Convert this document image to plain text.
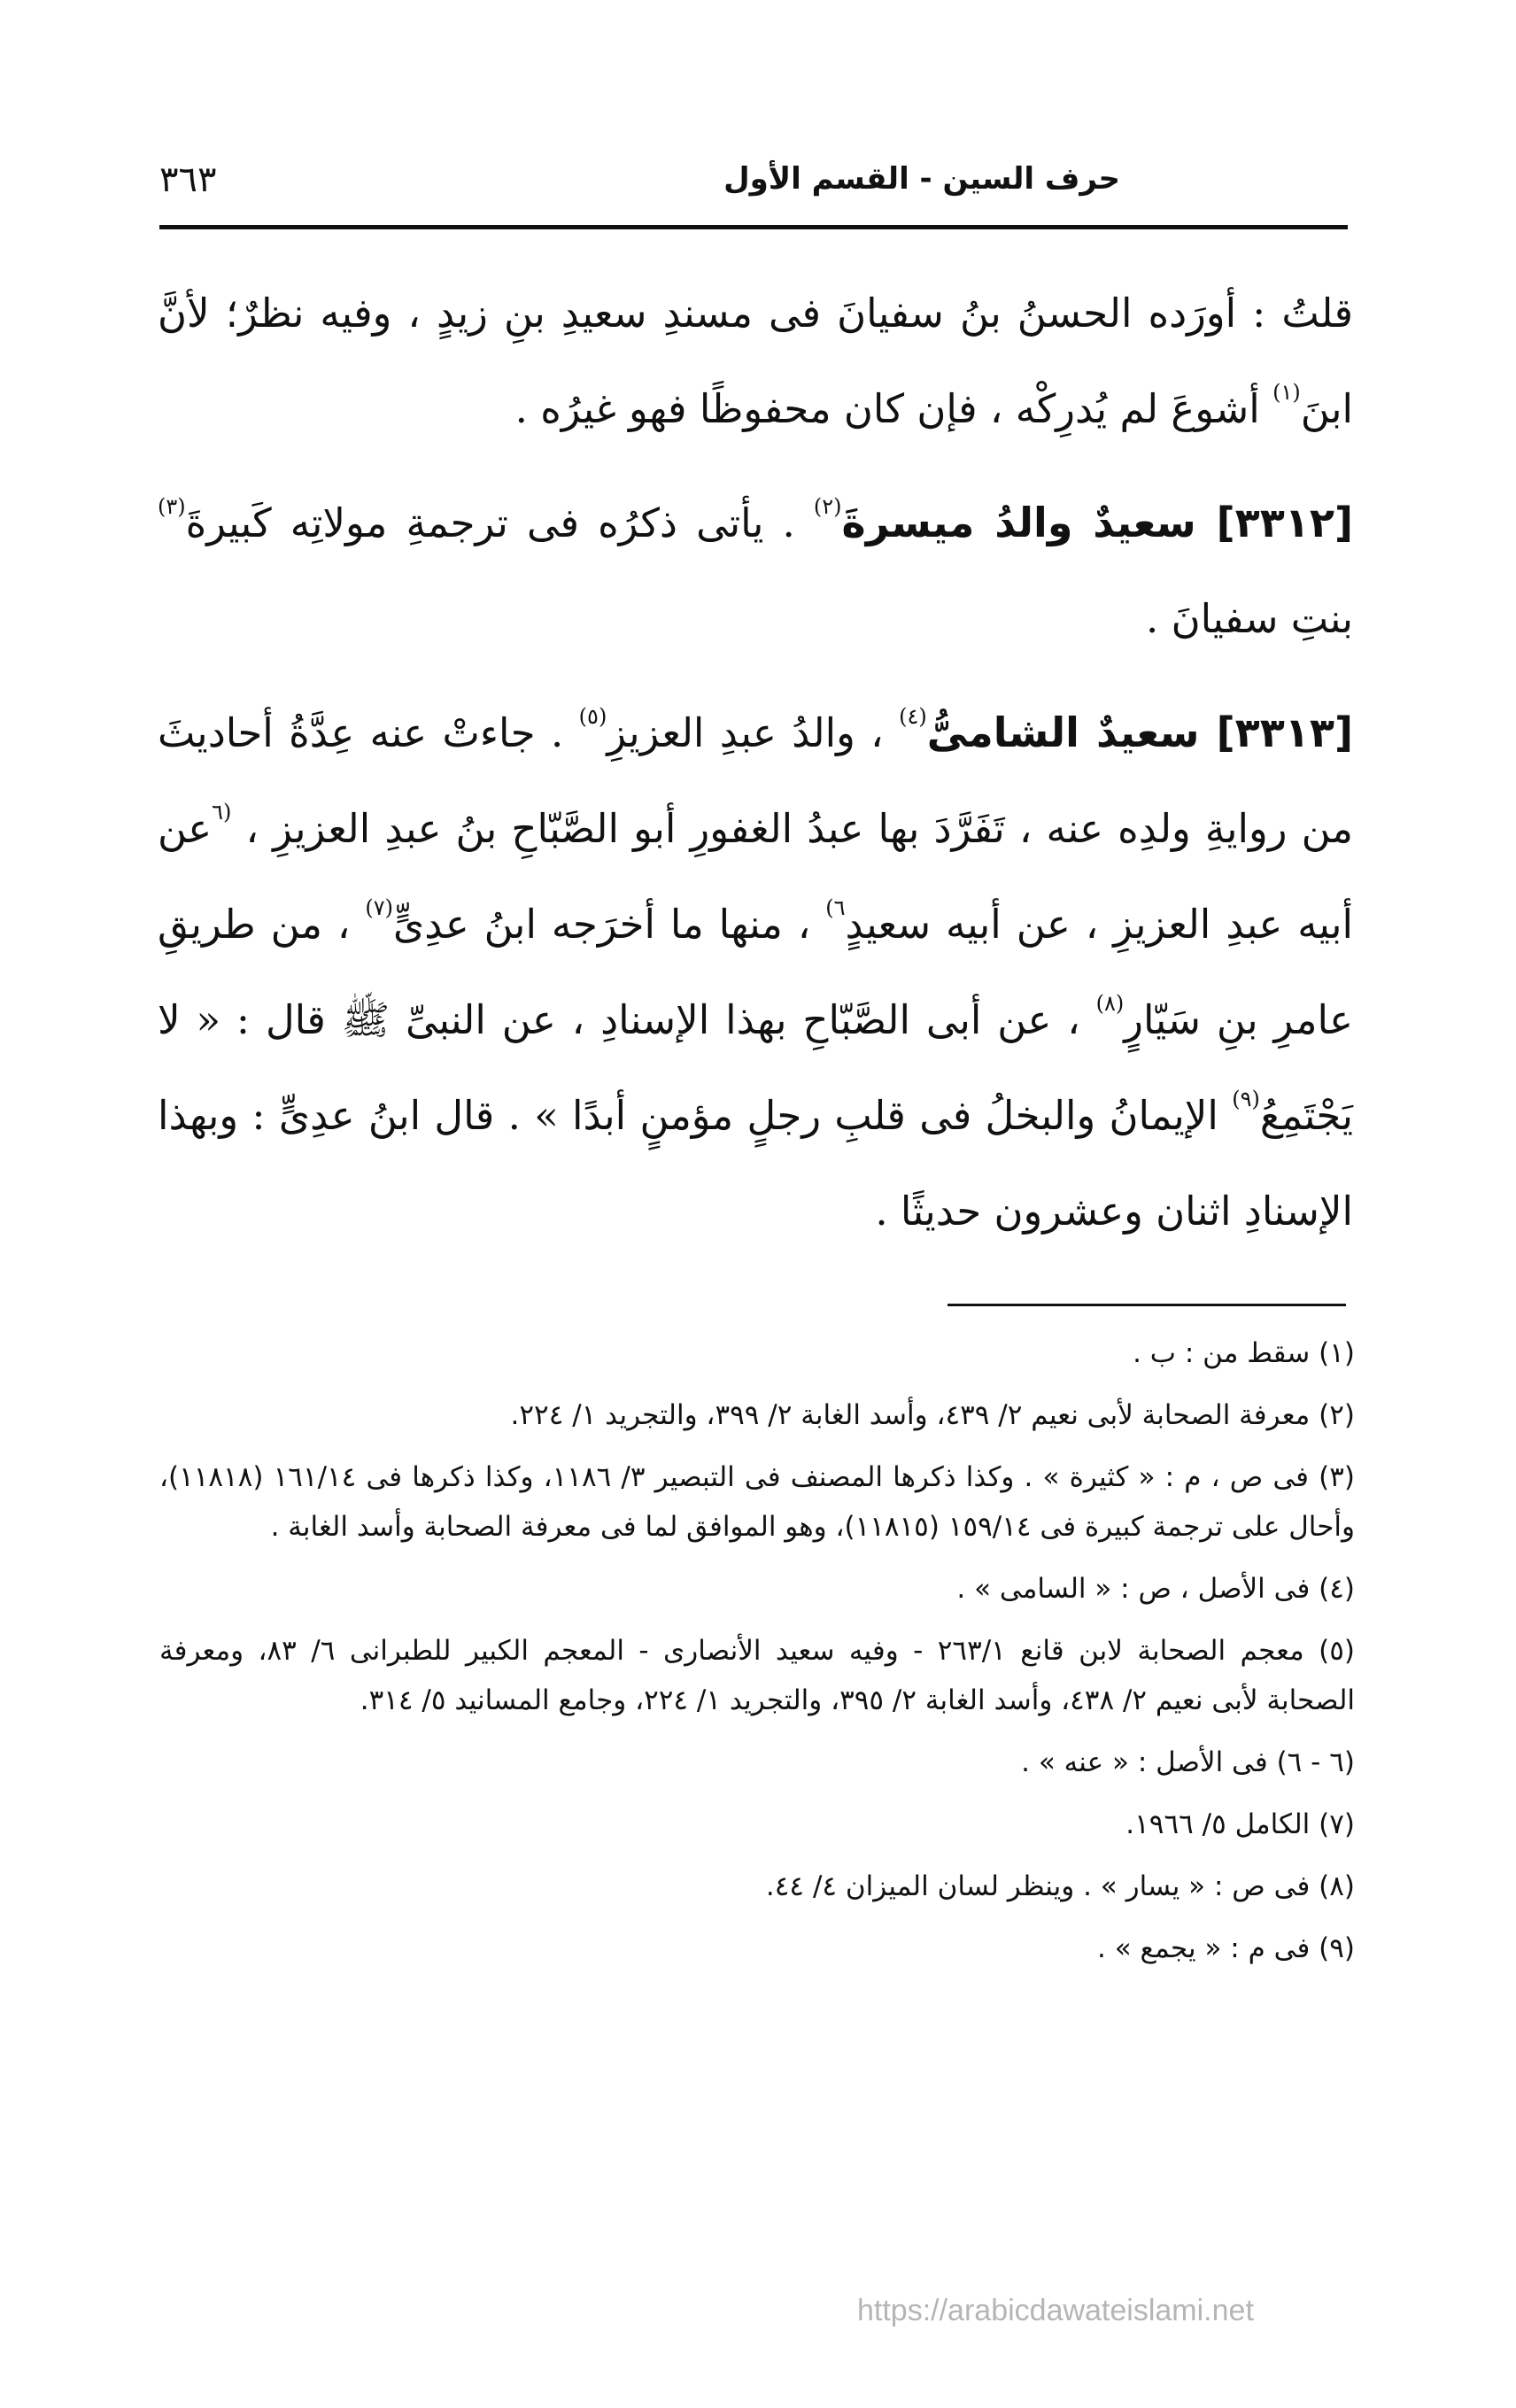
حرف السين - القسم الأول
٣٦٣

قلتُ : أورَده الحسنُ بنُ سفيانَ فى مسندِ سعيدِ بنِ زيدٍ ، وفيه نظرٌ؛ لأنَّ ابنَ$^{(١)}$ أشوعَ لم يُدرِكْه ، فإن كان محفوظًا فهو غيرُه .

[٣٣١٢] سعيدٌ والدُ ميسرةَ$^{(٢)}$ . يأتى ذكرُه فى ترجمةِ مولاتِه كَبيرةَ$^{(٣)}$ بنتِ سفيانَ .

[٣٣١٣] سعيدٌ الشامىُّ$^{(٤)}$ ، والدُ عبدِ العزيزِ$^{(٥)}$ . جاءتْ عنه عِدَّةُ أحاديثَ من روايةِ ولدِه عنه ، تَفَرَّدَ بها عبدُ الغفورِ أبو الصَّبّاحِ بنُ عبدِ العزيزِ ، $^{(٦}$عن أبيه عبدِ العزيزِ ، عن أبيه سعيدٍ$^{٦)}$ ، منها ما أخرَجه ابنُ عدِىٍّ$^{(٧)}$ ، من طريقِ عامرِ بنِ سَيّارٍ$^{(٨)}$ ، عن أبى الصَّبّاحِ بهذا الإسنادِ ، عن النبىِّ ﷺ قال : « لا يَجْتَمِعُ$^{(٩)}$ الإيمانُ والبخلُ فى قلبِ رجلٍ مؤمنٍ أبدًا » . قال ابنُ عدِىٍّ : وبهذا الإسنادِ اثنان وعشرون حديثًا .

(١) سقط من : ب .
(٢) معرفة الصحابة لأبى نعيم ٢/ ٤٣٩، وأسد الغابة ٢/ ٣٩٩، والتجريد ١/ ٢٢٤.
(٣) فى ص ، م : « كثيرة » . وكذا ذكرها المصنف فى التبصير ٣/ ١١٨٦، وكذا ذكرها فى ١٦١/١٤ (١١٨١٨)، وأحال على ترجمة كبيرة فى ١٥٩/١٤ (١١٨١٥)، وهو الموافق لما فى معرفة الصحابة وأسد الغابة .
(٤) فى الأصل ، ص : « السامى » .
(٥) معجم الصحابة لابن قانع ٢٦٣/١ - وفيه سعيد الأنصارى - المعجم الكبير للطبرانى ٦/ ٨٣، ومعرفة الصحابة لأبى نعيم ٢/ ٤٣٨، وأسد الغابة ٢/ ٣٩٥، والتجريد ١/ ٢٢٤، وجامع المسانيد ٥/ ٣١٤.
(٦ - ٦) فى الأصل : « عنه » .
(٧) الكامل ٥/ ١٩٦٦.
(٨) فى ص : « يسار » . وينظر لسان الميزان ٤/ ٤٤.
(٩) فى م : « يجمع » .
https://arabicdawateislami.net
